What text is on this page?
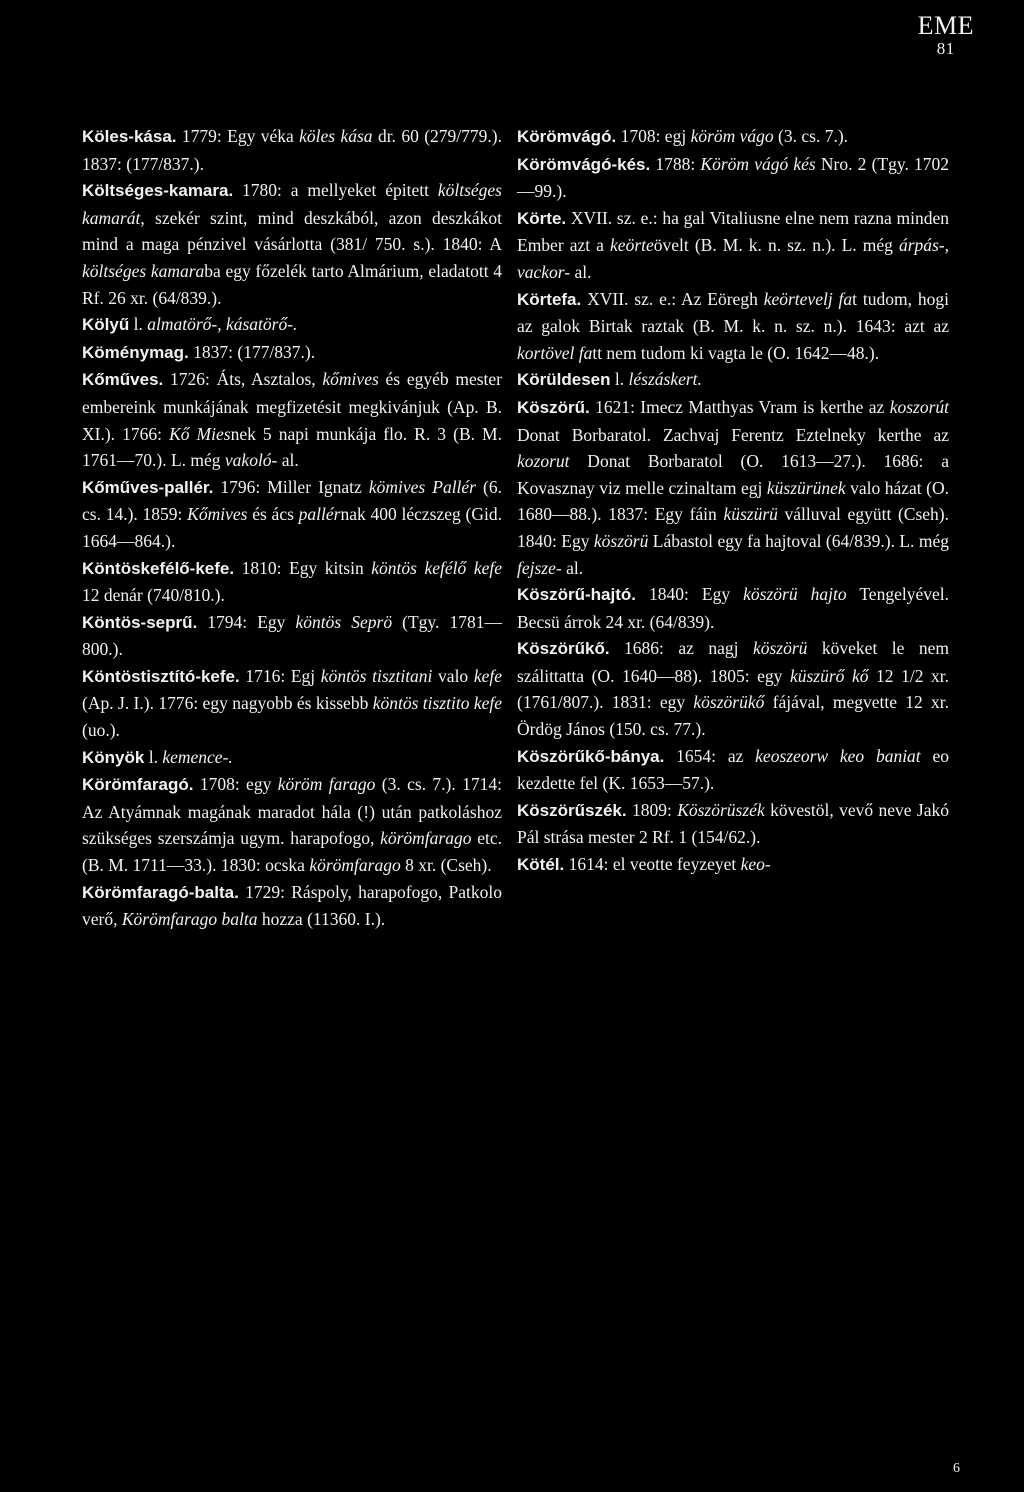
EME
81

Köles-kása. 1779: Egy véka köles kása dr. 60 (279/779.). 1837: (177/837.).

Költséges-kamara. 1780: a mellyeket épitett költséges kamarát, szekér szint, mind deszkából, azon deszkákot mind a maga pénzivel vásárlotta (381/ 750. s.). 1840: A költséges kamaraba egy főzelék tarto Almárium, eladatott 4 Rf. 26 xr. (64/839.).

Kölyű l. almatörő-, kásatörő-.

Köménymag. 1837: (177/837.).

Kőműves. 1726: Áts, Asztalos, kőmives és egyéb mester embereink munkájának megfizetésit megkivánjuk (Ap. B. XI.). 1766: Kő Miesnek 5 napi munkája flo. R. 3 (B. M. 1761—70.). L. még vakoló- al.

Kőműves-pallér. 1796: Miller Ignatz kömives Pallér (6. cs. 14.). 1859: Kőmives és ács pallérnak 400 léczszeg (Gid. 1664—864.).

Köntöskefélő-kefe. 1810: Egy kitsin köntös kefélő kefe 12 denár (740/810.).

Köntös-seprű. 1794: Egy köntös Seprö (Tgy. 1781—800.).

Köntöstisztító-kefe. 1716: Egj köntös tisztitani valo kefe (Ap. J. I.). 1776: egy nagyobb és kissebb köntös tisztito kefe (uo.).

Könyök l. kemence-.

Körömfaragó. 1708: egy köröm farago (3. cs. 7.). 1714: Az Atyámnak magának maradot hála (!) után patkoláshoz szükséges szerszámja ugym. harapofogo, körömfarago etc. (B. M. 1711—33.). 1830: ocska körömfarago 8 xr. (Cseh).

Körömfaragó-balta. 1729: Ráspoly, harapofogo, Patkolo verő, Körömfarago balta hozza (11360. I.).

Körömvágó. 1708: egj köröm vágo (3. cs. 7.).

Körömvágó-kés. 1788: Köröm vágó kés Nro. 2 (Tgy. 1702—99.).

Körte. XVII. sz. e.: ha gal Vitaliusne elne nem razna minden Ember azt a keörteövelt (B. M. k. n. sz. n.). L. még árpás-, vackor- al.

Körtefa. XVII. sz. e.: Az Eöregh keörtevelj fat tudom, hogi az galok Birtak raztak (B. M. k. n. sz. n.). 1643: azt az kortövel fatt nem tudom ki vagta le (O. 1642—48.).

Körüldesen l. lészáskert.

Köszörű. 1621: Imecz Matthyas Vram is kerthe az koszorút Donat Borbaratol. Zachvaj Ferentz Eztelneky kerthe az kozorut Donat Borbaratol (O. 1613—27.). 1686: a Kovasznay viz melle czinaltam egj küszürünek valo házat (O. 1680—88.). 1837: Egy fáin küszürü válluval együtt (Cseh). 1840: Egy köszörü Lábastol egy fa hajtoval (64/839.). L. még fejsze- al.

Köszörű-hajtó. 1840: Egy köszörü hajto Tengelyével. Becsü árrok 24 xr. (64/839).

Köszörűkő. 1686: az nagj köszörü köveket le nem szálittatta (O. 1640—88). 1805: egy küszürő kő 12 1/2 xr. (1761/807.). 1831: egy köszörükő fájával, megvette 12 xr. Ördög János (150. cs. 77.).

Köszörűkő-bánya. 1654: az keoszeorw keo baniat eo kezdette fel (K. 1653—57.).

Köszörűszék. 1809: Köszörüszék kövestöl, vevő neve Jakó Pál strása mester 2 Rf. 1 (154/62.).

Kötél. 1614: el veotte feyzeyet keo-

6
